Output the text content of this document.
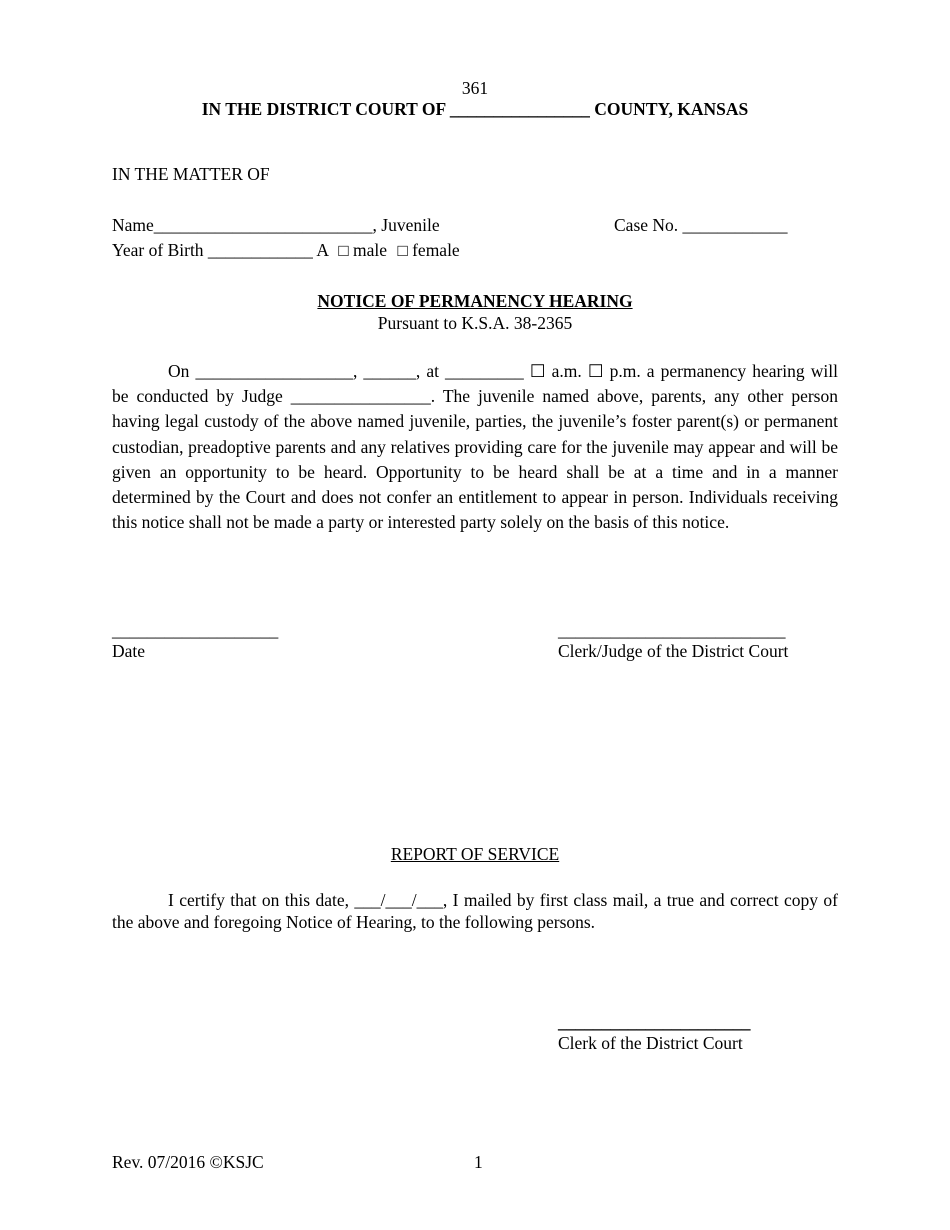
361
IN THE DISTRICT COURT OF ________________ COUNTY, KANSAS
IN THE MATTER OF
Name_________________________, Juvenile	Case No. ____________
Year of Birth ____________ A □ male □ female
NOTICE OF PERMANENCY HEARING
Pursuant to K.S.A. 38-2365

On __________________, ______, at _________ ☐ a.m. ☐ p.m. a permanency hearing will be conducted by Judge ________________. The juvenile named above, parents, any other person having legal custody of the above named juvenile, parties, the juvenile’s foster parent(s) or permanent custodian, preadoptive parents and any relatives providing care for the juvenile may appear and will be given an opportunity to be heard. Opportunity to be heard shall be at a time and in a manner determined by the Court and does not confer an entitlement to appear in person. Individuals receiving this notice shall not be made a party or interested party solely on the basis of this notice.

___________________
Date
__________________________
Clerk/Judge of the District Court
REPORT OF SERVICE

I certify that on this date, ___/___/___, I mailed by first class mail, a true and correct copy of the above and foregoing Notice of Hearing, to the following persons.

______________________
Clerk of the District Court
Rev. 07/2016 ©KSJC	1
